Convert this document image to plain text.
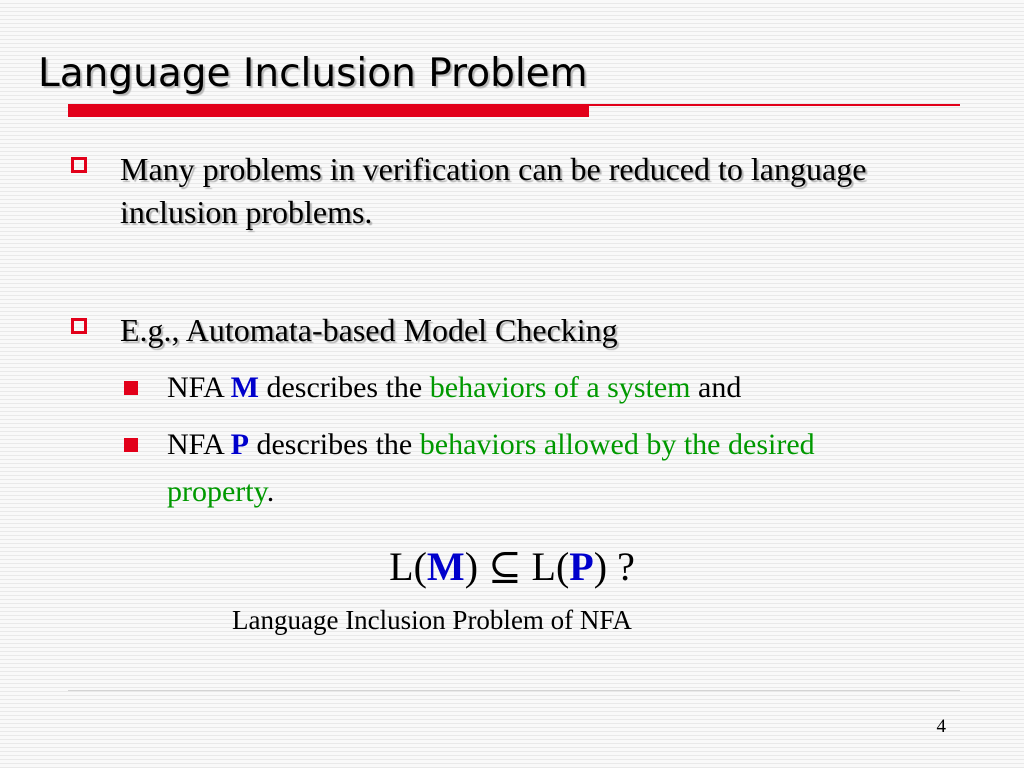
Language Inclusion Problem
Many problems in verification can be reduced to language inclusion problems.
E.g., Automata-based Model Checking
NFA M describes the behaviors of a system and
NFA P describes the behaviors allowed by the desired property.
L(M) ⊆ L(P) ?
Language Inclusion Problem of NFA
4
